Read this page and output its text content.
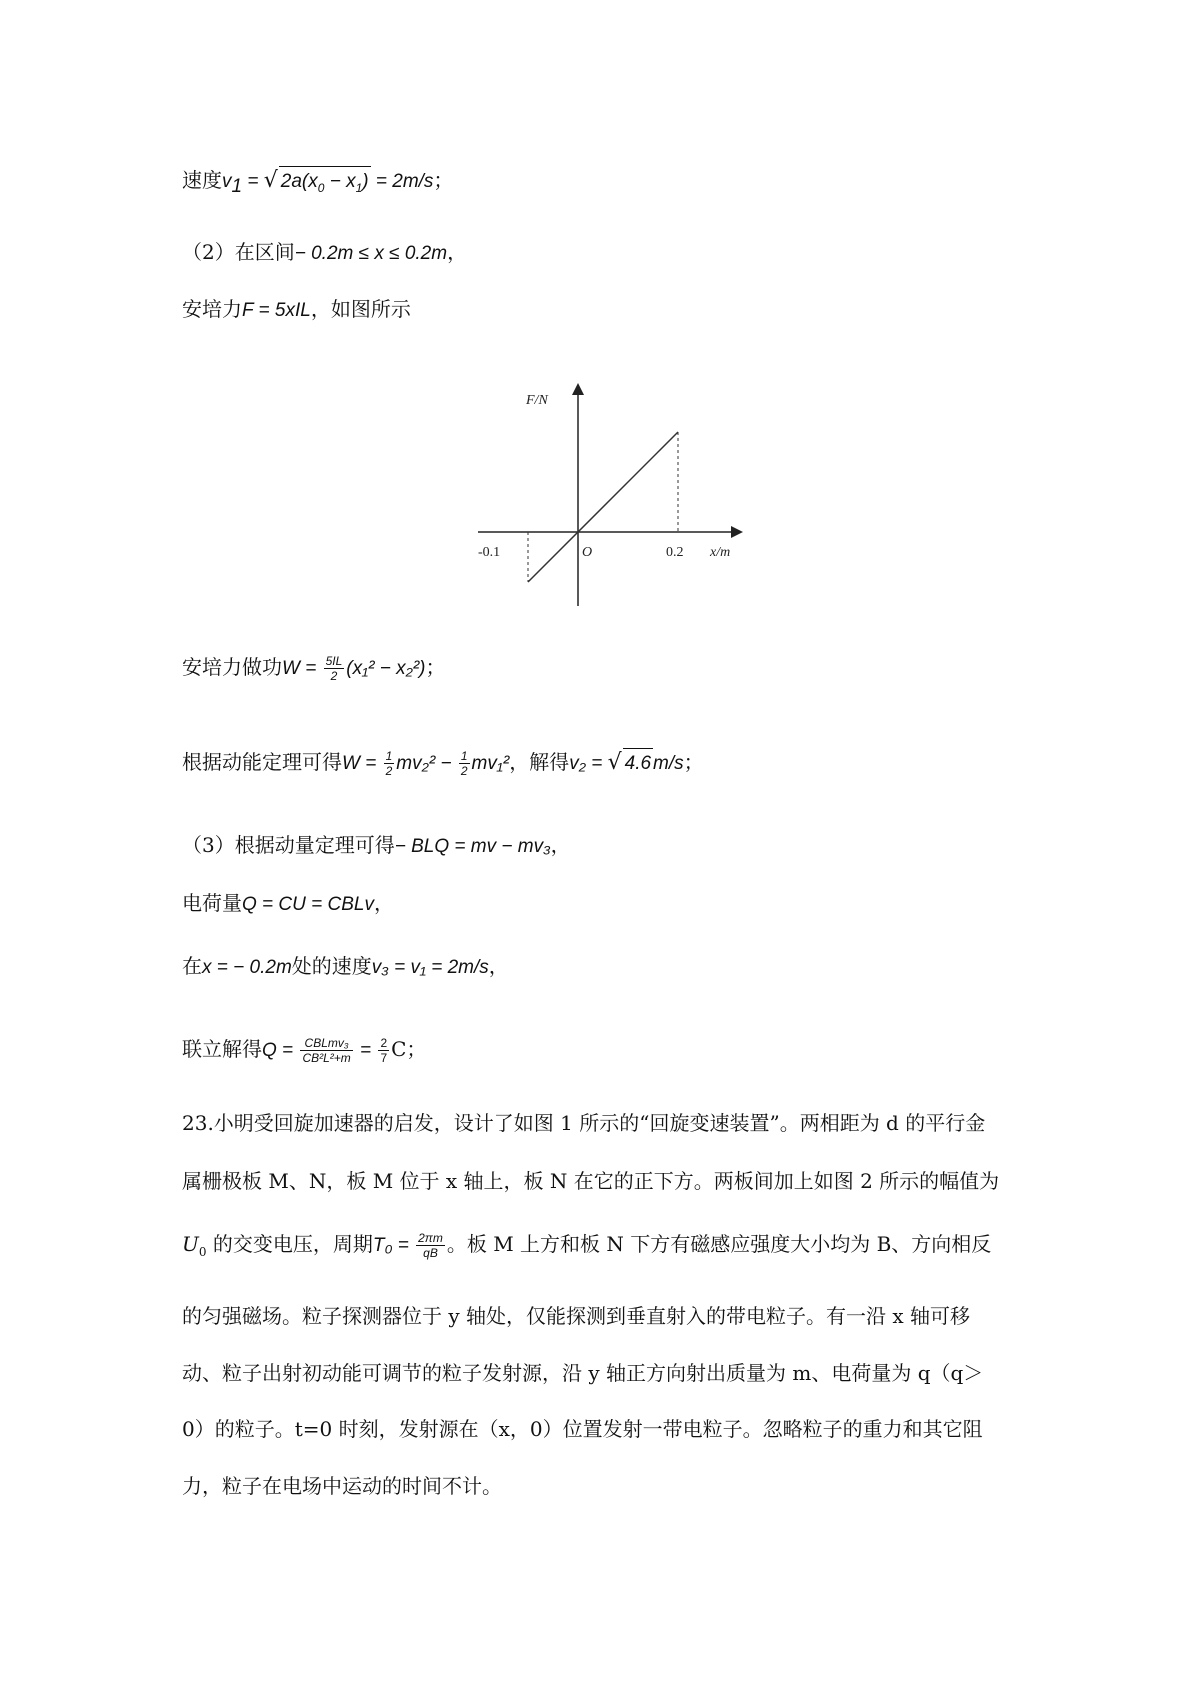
速度$v_1$ = √ $2a(x_0 - x_1) = 2m/s$；
（2）在区间− 0.2m ≤ x ≤ 0.2m，
安培力F = 5xIL，如图所示
F/N
x/m
O
-0.1	0.2
安培力做功$W = \frac{5IL}{2} (x_1^2 - x_2^2)$；
根据动能定理可得$W = \frac{1}{2} mv_2^2 - \frac{1}{2} mv_1^2$，解得v₂ = √ 4.6 m/s；
（3）根据动量定理可得− BLQ = mv − mv₃，
电荷量Q = CU = CBLv，
在x = − 0.2m处的速度v₃ = v₁ = 2m/s，
联立解得$Q = \frac{\text{CBLmv₃}}{\text{CB²L²+m}} = \frac{2}{7}$ C；
23.小明受回旋加速器的启发，设计了如图 1 所示的“回旋变速装置”。两相距为 d 的平行金
属栅极板 M、N，板 M 位于 x 轴上，板 N 在它的正下方。两板间加上如图 2 所示的幅值为
$U_0$ 的交变电压，周期$T_0 = \frac{2\pi m}{qB}$ 。板 M 上方和板 N 下方有磁感应强度大小均为 B、方向相反
的匀强磁场。粒子探测器位于 y 轴处，仅能探测到垂直射入的带电粒子。有一沿 x 轴可移
动、粒子出射初动能可调节的粒子发射源，沿 y 轴正方向射出质量为 m、电荷量为 q（q＞
0）的粒子。t=0 时刻，发射源在（x，0）位置发射一带电粒子。忽略粒子的重力和其它阻
力，粒子在电场中运动的时间不计。
